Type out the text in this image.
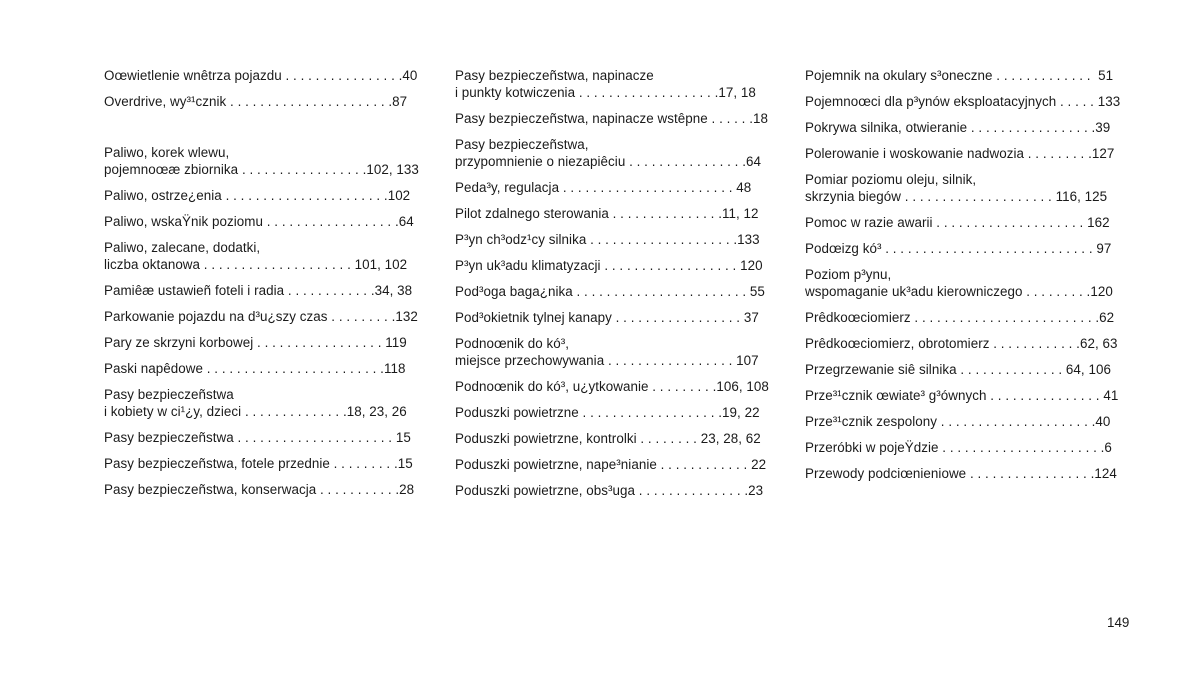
Oœwietlenie wnêtrza pojazdu . . . . . . . . . . . . . . . .40
Overdrive, wy³¹cznik . . . . . . . . . . . . . . . . . . . . . .87
Paliwo, korek wlewu,
pojemnoœæ zbiornika . . . . . . . . . . . . . . . . .102, 133
Paliwo, ostrze¿enia . . . . . . . . . . . . . . . . . . . . . .102
Paliwo, wskaŸnik poziomu . . . . . . . . . . . . . . . . . .64
Paliwo, zalecane, dodatki,
liczba oktanowa . . . . . . . . . . . . . . . . . . . . 101, 102
Pamiêæ ustawieñ foteli i radia . . . . . . . . . . . .34, 38
Parkowanie pojazdu na d³u¿szy czas . . . . . . . . .132
Pary ze skrzyni korbowej . . . . . . . . . . . . . . . . . 119
Paski napêdowe . . . . . . . . . . . . . . . . . . . . . . . .118
Pasy bezpieczeñstwa
i kobiety w ci¹¿y, dzieci . . . . . . . . . . . . . .18, 23, 26
Pasy bezpieczeñstwa . . . . . . . . . . . . . . . . . . . . . 15
Pasy bezpieczeñstwa, fotele przednie . . . . . . . . .15
Pasy bezpieczeñstwa, konserwacja . . . . . . . . . . .28
Pasy bezpieczeñstwa, napinacze
i punkty kotwiczenia . . . . . . . . . . . . . . . . . . .17, 18
Pasy bezpieczeñstwa, napinacze wstêpne . . . . . .18
Pasy bezpieczeñstwa,
przypomnienie o niezapiêciu . . . . . . . . . . . . . . . .64
Peda³y, regulacja . . . . . . . . . . . . . . . . . . . . . . . 48
Pilot zdalnego sterowania . . . . . . . . . . . . . . .11, 12
P³yn ch³odz¹cy silnika . . . . . . . . . . . . . . . . . . . .133
P³yn uk³adu klimatyzacji . . . . . . . . . . . . . . . . . . 120
Pod³oga baga¿nika . . . . . . . . . . . . . . . . . . . . . . . 55
Pod³okietnik tylnej kanapy . . . . . . . . . . . . . . . . . 37
Podnoœnik do kó³,
miejsce przechowywania . . . . . . . . . . . . . . . . . 107
Podnoœnik do kó³, u¿ytkowanie . . . . . . . . .106, 108
Poduszki powietrzne . . . . . . . . . . . . . . . . . . .19, 22
Poduszki powietrzne, kontrolki . . . . . . . . 23, 28, 62
Poduszki powietrzne, nape³nianie . . . . . . . . . . . . 22
Poduszki powietrzne, obs³uga . . . . . . . . . . . . . . .23
Pojemnik na okulary s³oneczne . . . . . . . . . . . . .  51
Pojemnoœci dla p³ynów eksploatacyjnych . . . . . 133
Pokrywa silnika, otwieranie . . . . . . . . . . . . . . . . .39
Polerowanie i woskowanie nadwozia . . . . . . . . .127
Pomiar poziomu oleju, silnik,
skrzynia biegów . . . . . . . . . . . . . . . . . . . . 116, 125
Pomoc w razie awarii . . . . . . . . . . . . . . . . . . . . 162
Podœizg kó³ . . . . . . . . . . . . . . . . . . . . . . . . . . . . 97
Poziom p³ynu,
wspomaganie uk³adu kierowniczego . . . . . . . . .120
Prêdkoœciomierz . . . . . . . . . . . . . . . . . . . . . . . . .62
Prêdkoœciomierz, obrotomierz . . . . . . . . . . . .62, 63
Przegrzewanie siê silnika . . . . . . . . . . . . . . 64, 106
Prze³¹cznik œwiate³ g³ównych . . . . . . . . . . . . . . . 41
Prze³¹cznik zespolony . . . . . . . . . . . . . . . . . . . . .40
Przeróbki w pojeŸdzie . . . . . . . . . . . . . . . . . . . . . .6
Przewody podciœnieniowe . . . . . . . . . . . . . . . . .124
149
